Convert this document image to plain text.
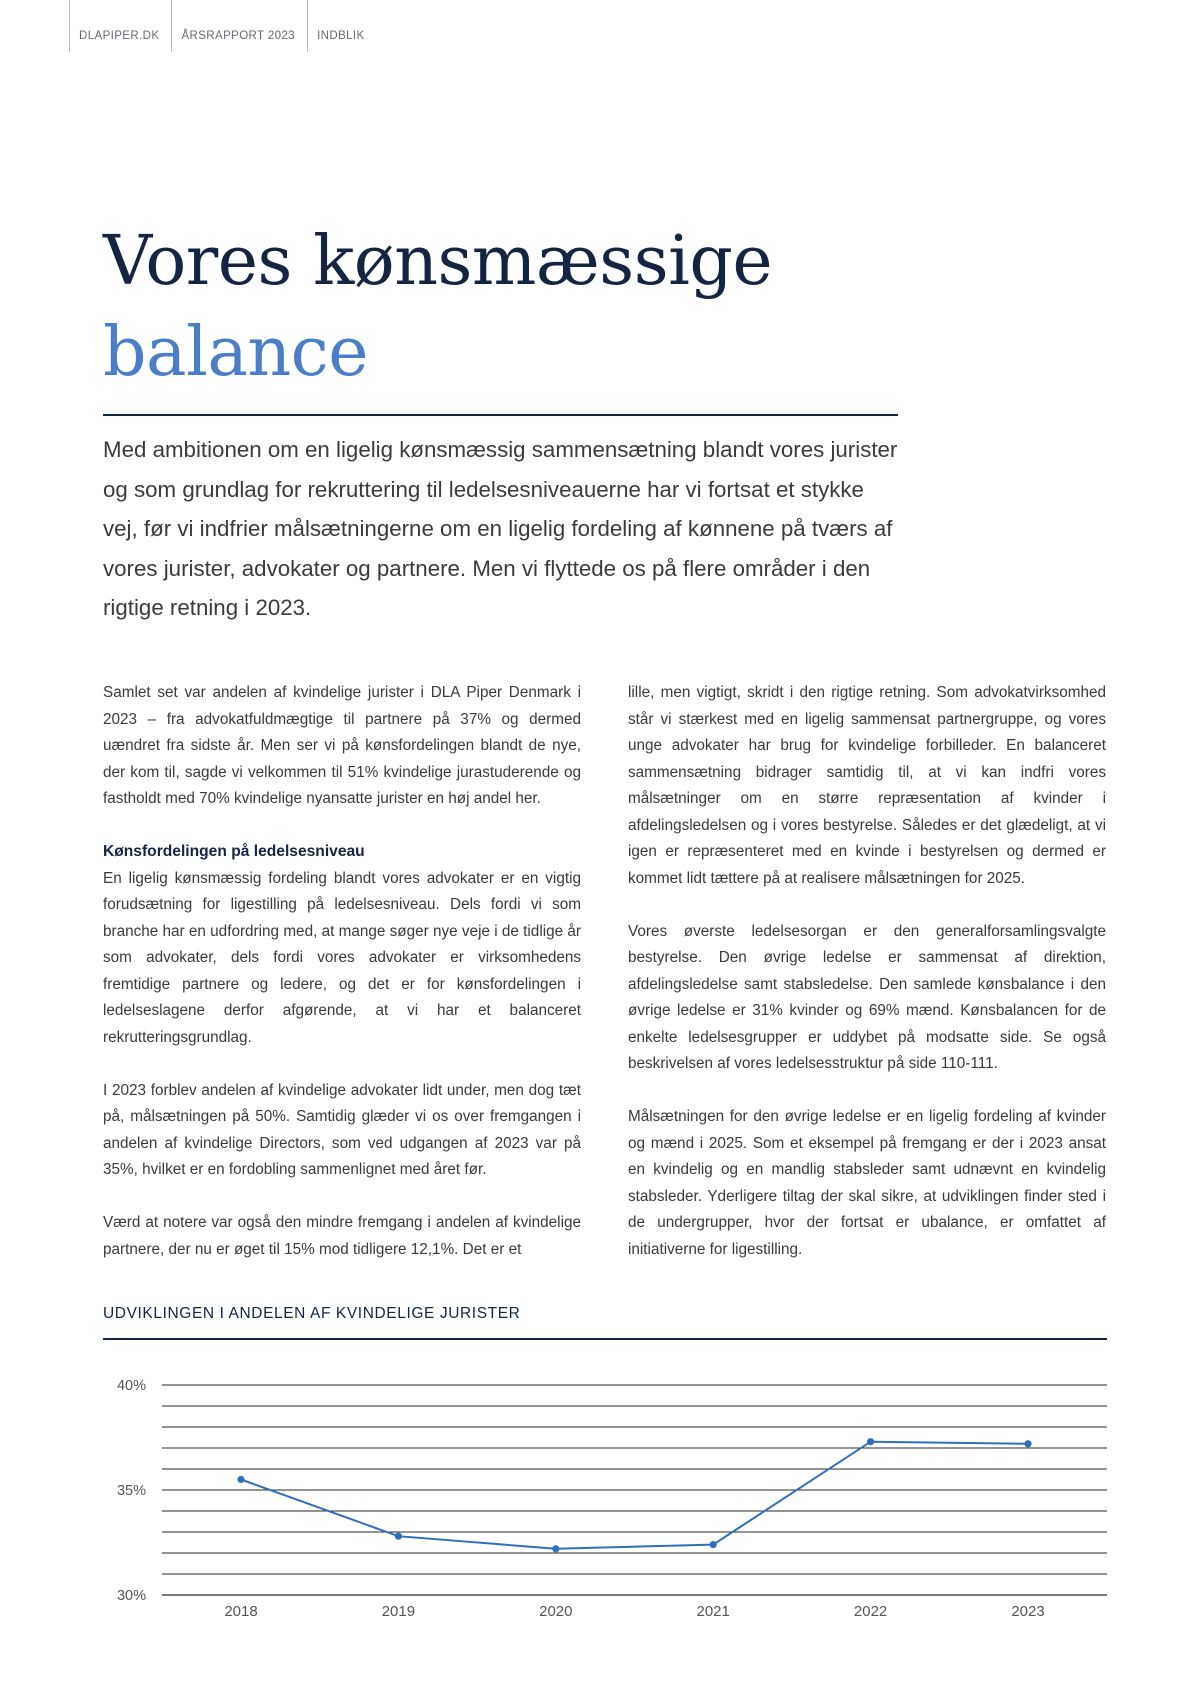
DLAPIPER.DK	ÅRSRAPPORT 2023	INDBLIK
Vores kønsmæssige
balance

Med ambitionen om en ligelig kønsmæssig sammensætning blandt vores jurister og som grundlag for rekruttering til ledelsesniveauerne har vi fortsat et stykke vej, før vi indfrier målsætningerne om en ligelig fordeling af kønnene på tværs af vores jurister, advokater og partnere. Men vi flyttede os på flere områder i den rigtige retning i 2023.

Samlet set var andelen af kvindelige jurister i DLA Piper Denmark i 2023 – fra advokatfuldmægtige til partnere på 37% og dermed uændret fra sidste år. Men ser vi på kønsfordelingen blandt de nye, der kom til, sagde vi velkommen til 51% kvindelige jurastuderende og fastholdt med 70% kvindelige nyansatte jurister en høj andel her.

Kønsfordelingen på ledelsesniveau

En ligelig kønsmæssig fordeling blandt vores advokater er en vigtig forudsætning for ligestilling på ledelsesniveau. Dels fordi vi som branche har en udfordring med, at mange søger nye veje i de tidlige år som advokater, dels fordi vores advokater er virksomhedens fremtidige partnere og ledere, og det er for kønsfordelingen i ledelseslagene derfor afgørende, at vi har et balanceret rekrutteringsgrundlag.

I 2023 forblev andelen af kvindelige advokater lidt under, men dog tæt på, målsætningen på 50%. Samtidig glæder vi os over fremgangen i andelen af kvindelige Directors, som ved udgangen af 2023 var på 35%, hvilket er en fordobling sammenlignet med året før.

Værd at notere var også den mindre fremgang i andelen af kvindelige partnere, der nu er øget til 15% mod tidligere 12,1%. Det er et

lille, men vigtigt, skridt i den rigtige retning. Som advokatvirksomhed står vi stærkest med en ligelig sammensat partnergruppe, og vores unge advokater har brug for kvindelige forbilleder. En balanceret sammensætning bidrager samtidig til, at vi kan indfri vores målsætninger om en større repræsentation af kvinder i afdelingsledelsen og i vores bestyrelse. Således er det glædeligt, at vi igen er repræsenteret med en kvinde i bestyrelsen og dermed er kommet lidt tættere på at realisere målsætningen for 2025.

Vores øverste ledelsesorgan er den generalforsamlingsvalgte bestyrelse. Den øvrige ledelse er sammensat af direktion, afdelingsledelse samt stabsledelse. Den samlede kønsbalance i den øvrige ledelse er 31% kvinder og 69% mænd. Kønsbalancen for de enkelte ledelsesgrupper er uddybet på modsatte side. Se også beskrivelsen af vores ledelsesstruktur på side 110-111.

Målsætningen for den øvrige ledelse er en ligelig fordeling af kvinder og mænd i 2025. Som et eksempel på fremgang er der i 2023 ansat en kvindelig og en mandlig stabsleder samt udnævnt en kvindelig stabsleder. Yderligere tiltag der skal sikre, at udviklingen finder sted i de undergrupper, hvor der fortsat er ubalance, er omfattet af initiativerne for ligestilling.

UDVIKLINGEN I ANDELEN AF KVINDELIGE JURISTER
30%
35%
40%
2018	2019	2020	2021	2022	2023
